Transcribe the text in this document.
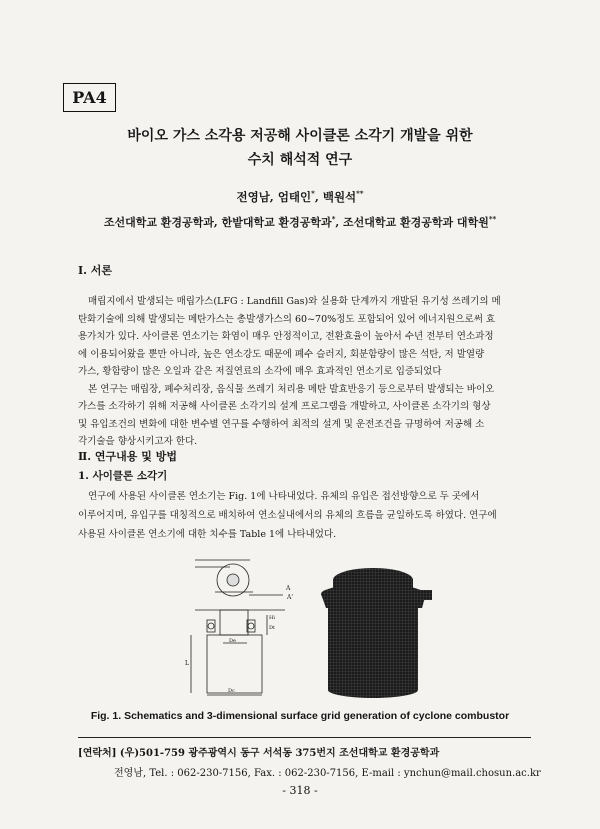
PA4
바이오 가스 소각용 저공해 사이클론 소각기 개발을 위한
수치 해석적 연구
전영남, 엄태인*, 백원석**
조선대학교 환경공학과, 한밭대학교 환경공학과*, 조선대학교 환경공학과 대학원**
Ⅰ. 서론
매립지에서 발생되는 매립가스(LFG : Landfill Gas)와 실용화 단계까지 개발된 유기성 쓰레기의 메
탄화기술에 의해 발생되는 메탄가스는 총발생가스의 60~70%정도 포함되어 있어 에너지원으로써 효
용가치가 있다. 사이클론 연소기는 화염이 매우 안정적이고, 전환효율이 높아서 수년 전부터 연소과정
에 이용되어왔을 뿐만 아니라, 높은 연소강도 때문에 폐수 슬러지, 회분함량이 많은 석탄, 저 발열량
가스, 황함량이 많은 오일과 같은 저질연료의 소각에 매우 효과적인 연소기로 입증되었다
본 연구는 매립장, 폐수처리장, 음식물 쓰레기 처리용 메탄 발효반응기 등으로부터 발생되는 바이오
가스를 소각하기 위해 저공해 사이클론 소각기의 설계 프로그램을 개발하고, 사이클론 소각기의 형상
및 유입조건의 변화에 대한 변수별 연구를 수행하여 최적의 설계 및 운전조건을 규명하여 저공해 소
각기술을 향상시키고자 한다.
Ⅱ. 연구내용 및 방법
1. 사이클론 소각기
연구에 사용된 사이클론 연소기는 Fig. 1에 나타내었다. 유체의 유입은 접선방향으로 두 곳에서
이루어지며, 유입구를 대칭적으로 배치하여 연소실내에서의 유체의 흐름을 균일하도록 하였다. 연구에
사용된 사이클론 연소기에 대한 치수를 Table 1에 나타내었다.
A
A'
L
Dc
De
Dt
Hi
Fig. 1. Schematics and 3-dimensional surface grid generation of cyclone combustor
[연락처] (우)501-759 광주광역시 동구 서석동 375번지 조선대학교 환경공학과
전영남, Tel. : 062-230-7156, Fax. : 062-230-7156, E-mail : ynchun@mail.chosun.ac.kr
- 318 -
